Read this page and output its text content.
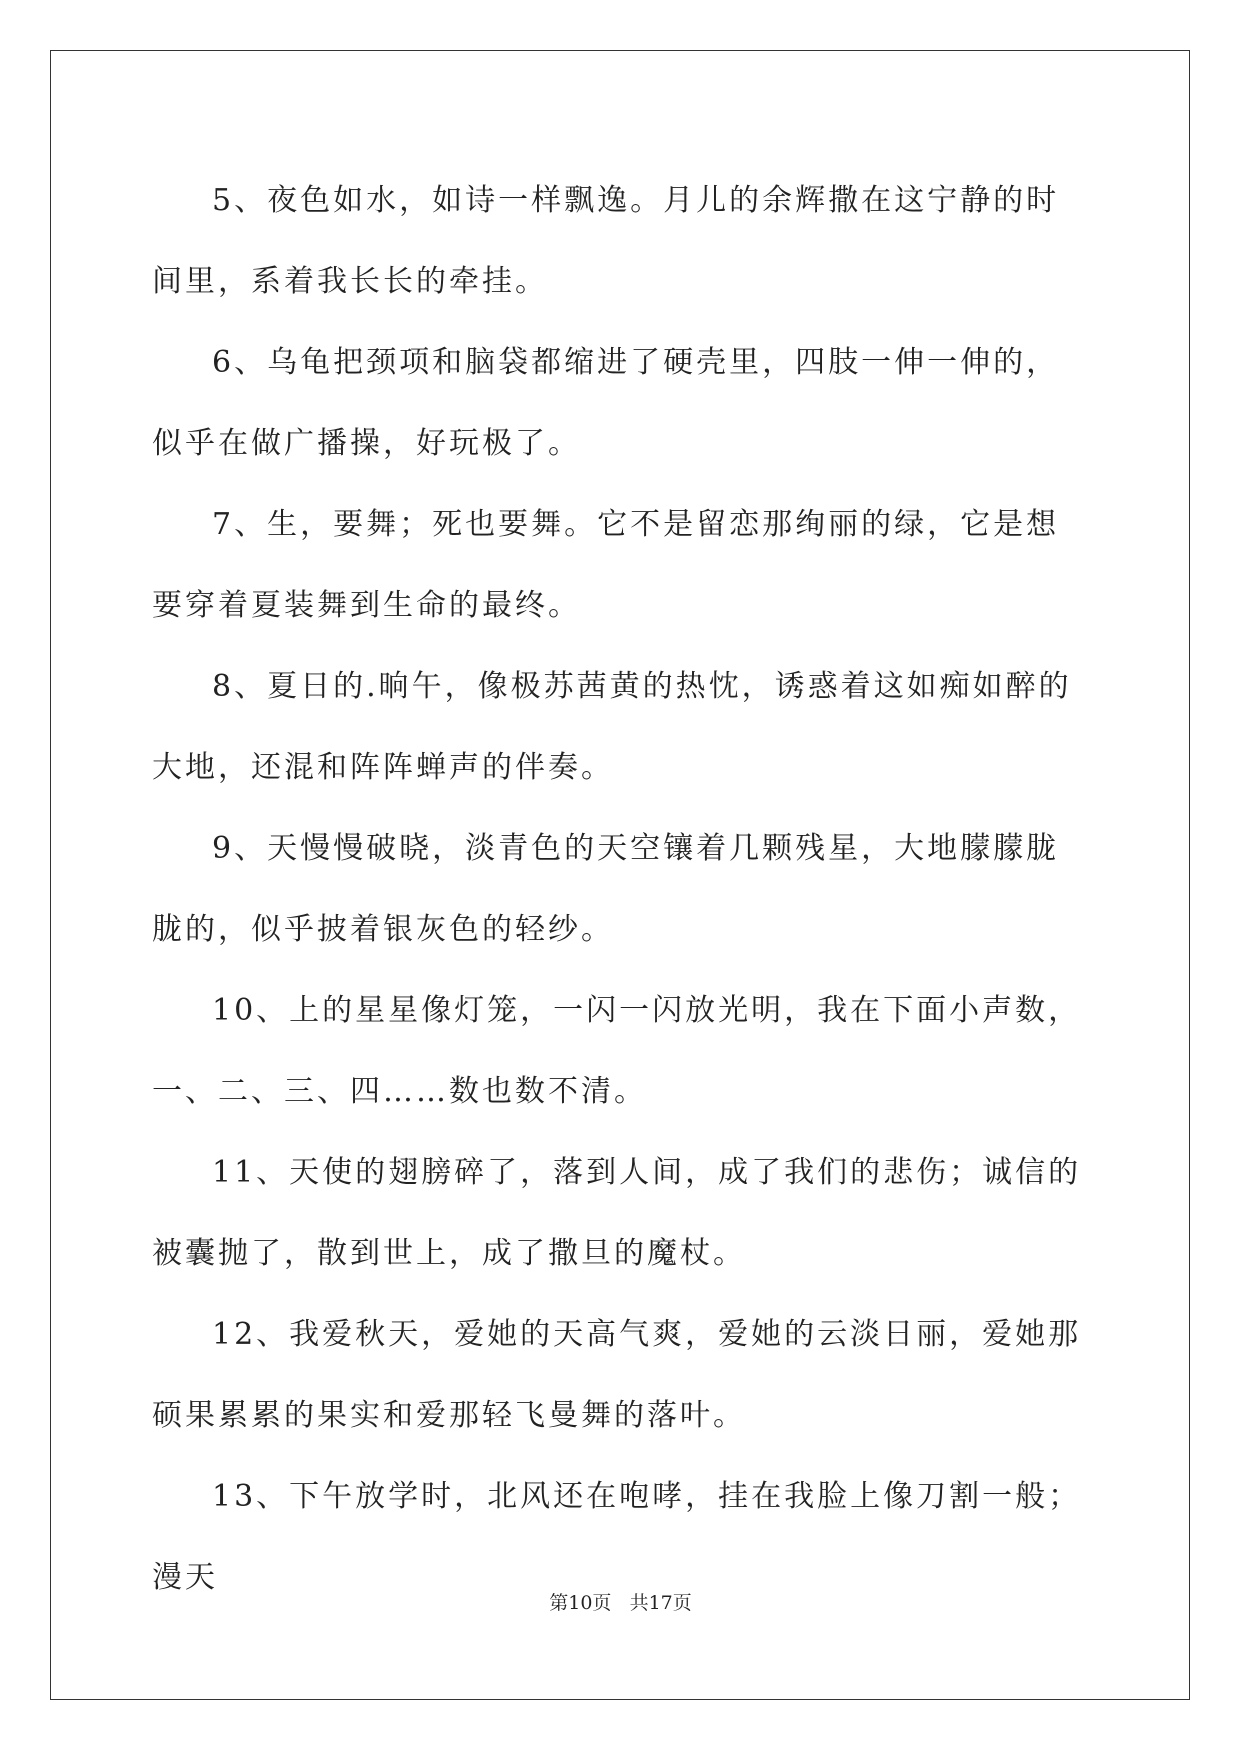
5、夜色如水，如诗一样飘逸。月儿的余辉撒在这宁静的时间里，系着我长长的牵挂。

6、乌龟把颈项和脑袋都缩进了硬壳里，四肢一伸一伸的，似乎在做广播操，好玩极了。

7、生，要舞；死也要舞。它不是留恋那绚丽的绿，它是想要穿着夏装舞到生命的最终。

8、夏日的.晌午，像极苏茜黄的热忱，诱惑着这如痴如醉的大地，还混和阵阵蝉声的伴奏。

9、天慢慢破晓，淡青色的天空镶着几颗残星，大地朦朦胧胧的，似乎披着银灰色的轻纱。

10、上的星星像灯笼，一闪一闪放光明，我在下面小声数，一、二、三、四……数也数不清。

11、天使的翅膀碎了，落到人间，成了我们的悲伤；诚信的被囊抛了，散到世上，成了撒旦的魔杖。

12、我爱秋天，爱她的天高气爽，爱她的云淡日丽，爱她那硕果累累的果实和爱那轻飞曼舞的落叶。

13、下午放学时，北风还在咆哮，挂在我脸上像刀割一般；漫天

第10页 共17页
